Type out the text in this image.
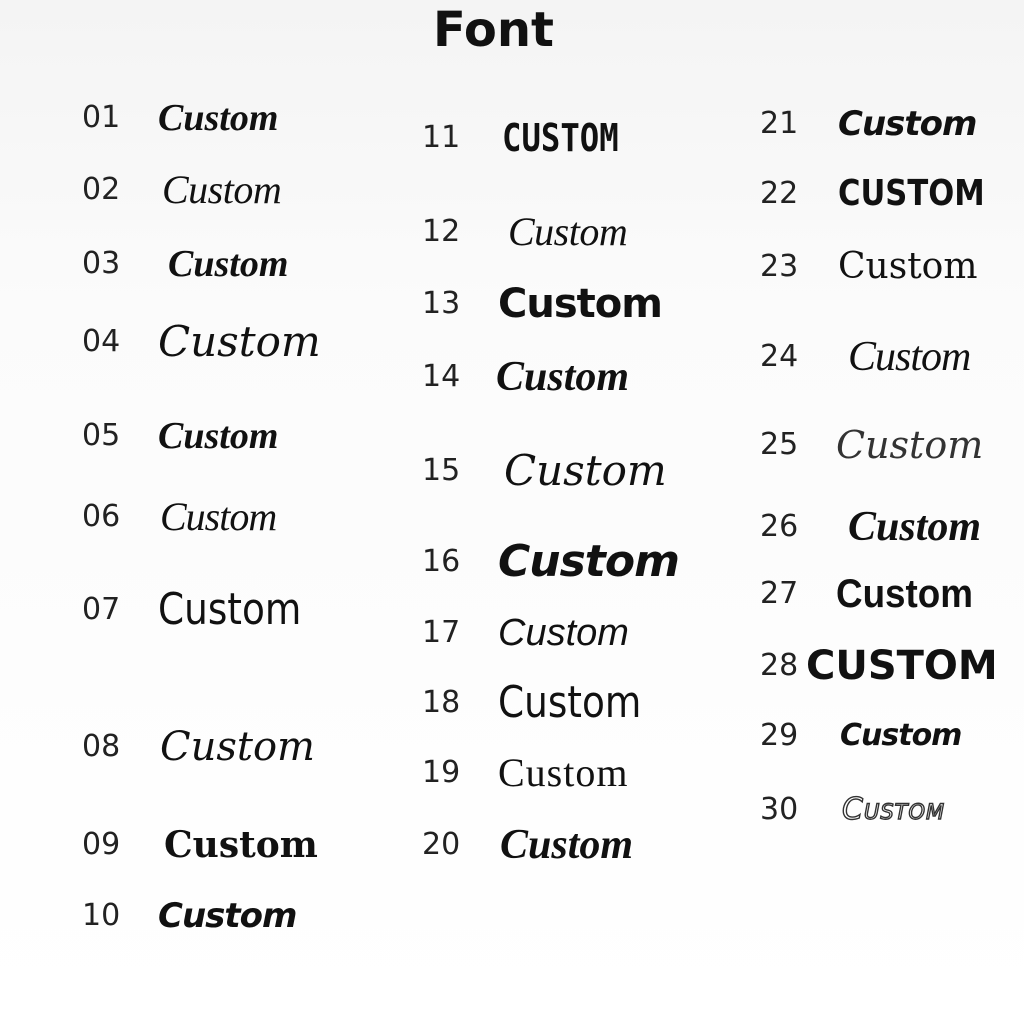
Font
01 Custom
02 Custom
03 Custom
04 Custom
05 Custom
06 Custom
07 Custom
08 Custom
09 Custom
10 Custom
11 CUSTOM
12 Custom
13 Custom
14 Custom
15 Custom
16 Custom
17 Custom
18 Custom
19 Custom
20 Custom
21 Custom
22 CUSTOM
23 Custom
24 Custom
25 Custom
26 Custom
27 Custom
28 CUSTOM
29 Custom
30 Custom
